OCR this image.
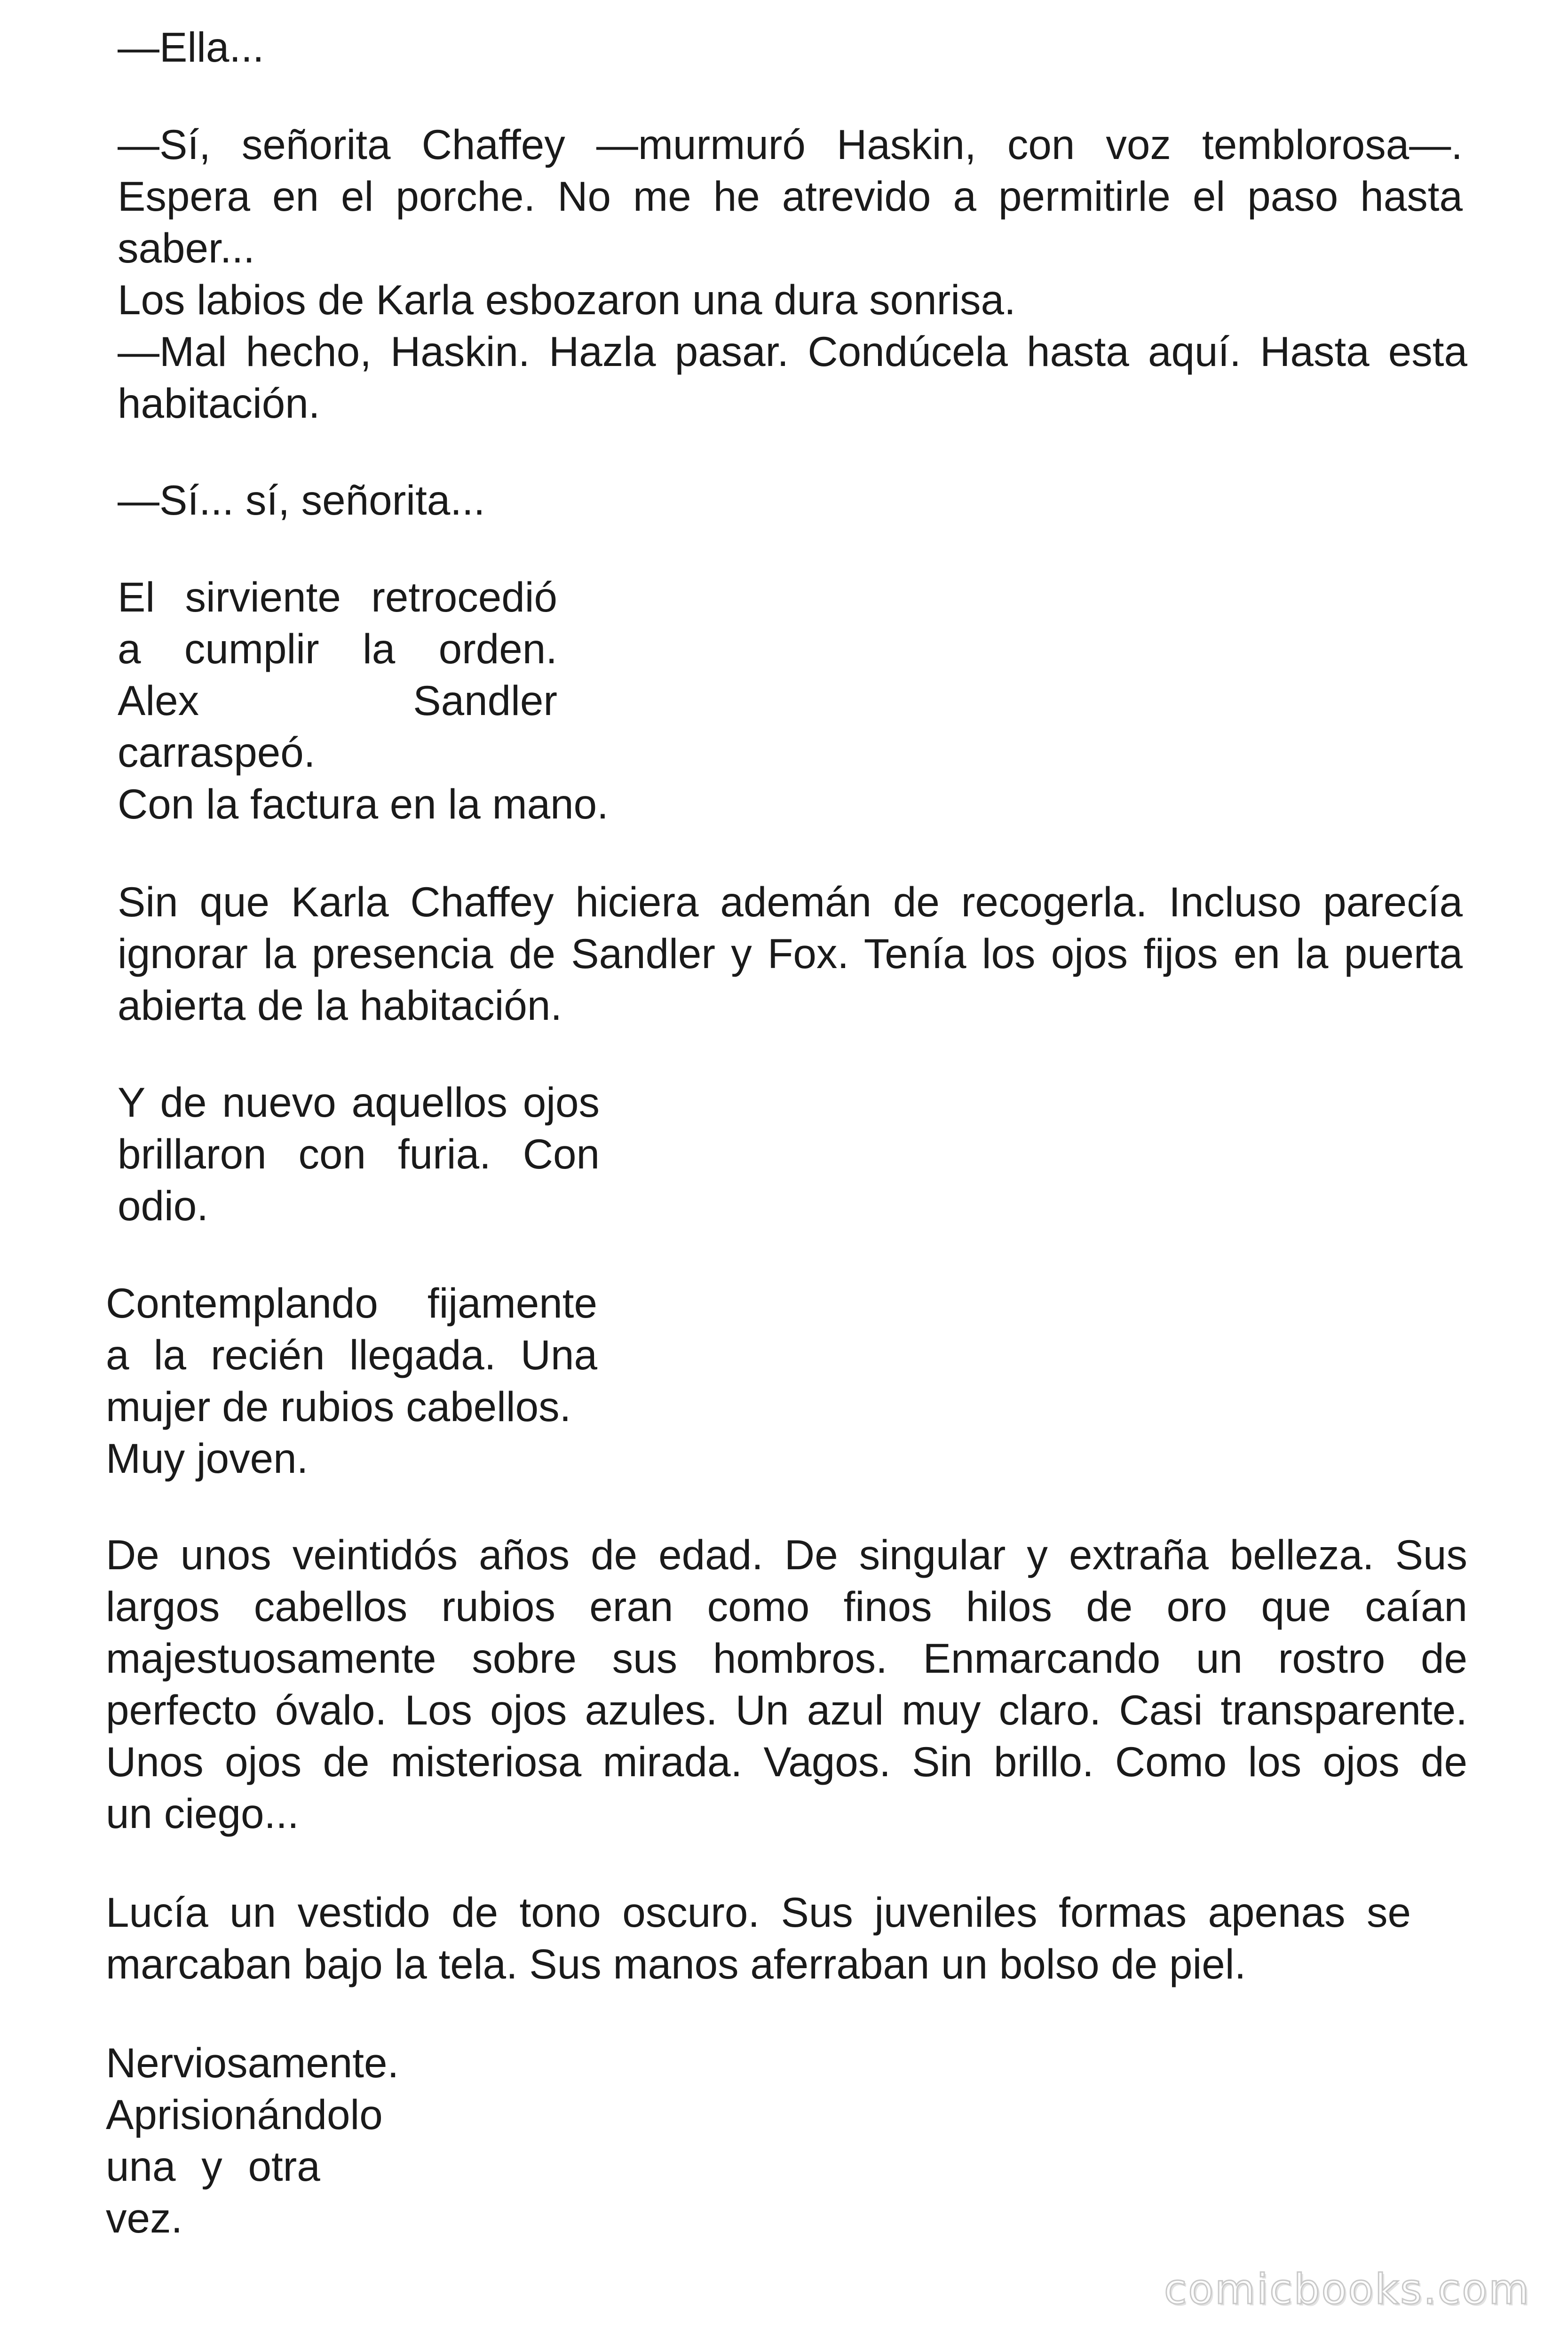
—Ella...
—Sí, señorita Chaffey —murmuró Haskin, con voz temblorosa—.
Espera en el porche. No me he atrevido a permitirle el paso hasta
saber...
Los labios de Karla esbozaron una dura sonrisa.
—Mal hecho, Haskin. Hazla pasar. Condúcela hasta aquí. Hasta esta
habitación.
—Sí... sí, señorita...
El sirviente retrocedió
a cumplir la orden.
Alex Sandler
carraspeó.
Con la factura en la mano.
Sin que Karla Chaffey hiciera ademán de recogerla. Incluso parecía
ignorar la presencia de Sandler y Fox. Tenía los ojos fijos en la puerta
abierta de la habitación.
Y de nuevo aquellos ojos
brillaron con furia. Con
odio.
Contemplando fijamente
a la recién llegada. Una
mujer de rubios cabellos.
Muy joven.
De unos veintidós años de edad. De singular y extraña belleza. Sus
largos cabellos rubios eran como finos hilos de oro que caían
majestuosamente sobre sus hombros. Enmarcando un rostro de
perfecto óvalo. Los ojos azules. Un azul muy claro. Casi transparente.
Unos ojos de misteriosa mirada. Vagos. Sin brillo. Como los ojos de
un ciego...
Lucía un vestido de tono oscuro. Sus juveniles formas apenas se
marcaban bajo la tela. Sus manos aferraban un bolso de piel.
Nerviosamente.
Aprisionándolo
una y otra
vez.
comicbooks.com
